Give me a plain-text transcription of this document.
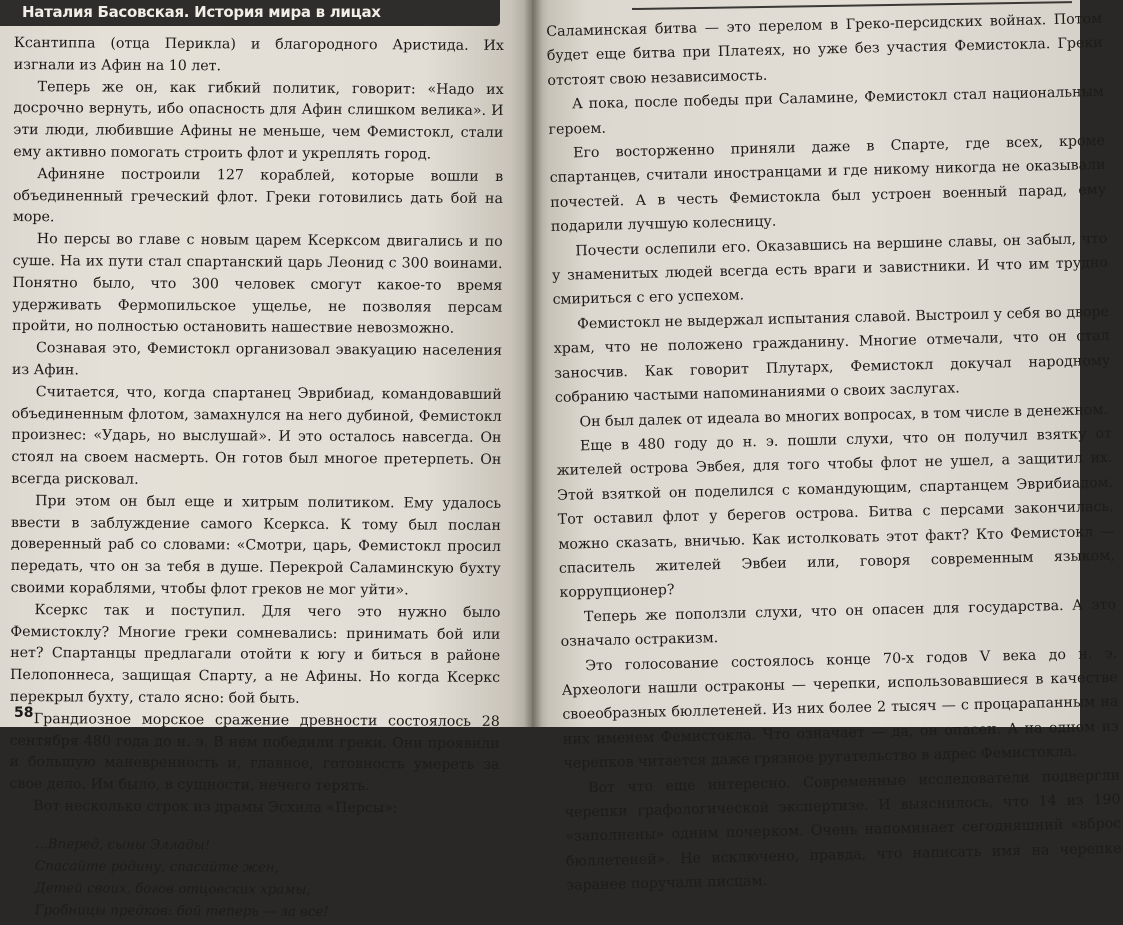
Наталия Басовская. История мира в лицах

Ксантиппа (отца Перикла) и благородного Аристида. Их изгнали из Афин на 10 лет.

Теперь же он, как гибкий политик, говорит: «Надо их досрочно вернуть, ибо опасность для Афин слишком велика». И эти люди, любившие Афины не меньше, чем Фемистокл, стали ему активно помогать строить флот и укреплять город.

Афиняне построили 127 кораблей, которые вошли в объединенный греческий флот. Греки готовились дать бой на море.

Но персы во главе с новым царем Ксерксом двигались и по суше. На их пути стал спартанский царь Леонид с 300 воинами. Понятно было, что 300 человек смогут какое-то время удерживать Фермопильское ущелье, не позволяя персам пройти, но полностью остановить нашествие невозможно.

Сознавая это, Фемистокл организовал эвакуацию населения из Афин.

Считается, что, когда спартанец Эврибиад, командовавший объединенным флотом, замахнулся на него дубиной, Фемистокл произнес: «Ударь, но выслушай». И это осталось навсегда. Он стоял на своем насмерть. Он готов был многое претерпеть. Он всегда рисковал.

При этом он был еще и хитрым политиком. Ему удалось ввести в заблуждение самого Ксеркса. К тому был послан доверенный раб со словами: «Смотри, царь, Фемистокл просил передать, что он за тебя в душе. Перекрой Саламинскую бухту своими кораблями, чтобы флот греков не мог уйти».

Ксеркс так и поступил. Для чего это нужно было Фемистоклу? Многие греки сомневались: принимать бой или нет? Спартанцы предлагали отойти к югу и биться в районе Пелопоннеса, защищая Спарту, а не Афины. Но когда Ксеркс перекрыл бухту, стало ясно: бой быть.

Грандиозное морское сражение древности состоялось 28 сентября 480 года до н. э. В нем победили греки. Они проявили и большую маневренность и, главное, готовность умереть за свое дело. Им было, в сущности, нечего терять.

Вот несколько строк из драмы Эсхила «Персы»:

...Вперед, сыны Эллады!
Спасайте родину, спасайте жен,
Детей своих, богов отцовских храмы,
Гробницы предков: бой теперь — за все!
58

Саламинская битва — это перелом в Греко-персидских войнах. Потом будет еще битва при Платеях, но уже без участия Фемистокла. Греки отстоят свою независимость.

А пока, после победы при Саламине, Фемистокл стал национальным героем.

Его восторженно приняли даже в Спарте, где всех, кроме спартанцев, считали иностранцами и где никому никогда не оказывали почестей. А в честь Фемистокла был устроен военный парад, ему подарили лучшую колесницу.

Почести ослепили его. Оказавшись на вершине славы, он забыл, что у знаменитых людей всегда есть враги и завистники. И что им трудно смириться с его успехом.

Фемистокл не выдержал испытания славой. Выстроил у себя во дворе храм, что не положено гражданину. Многие отмечали, что он стал заносчив. Как говорит Плутарх, Фемистокл докучал народному собранию частыми напоминаниями о своих заслугах.

Он был далек от идеала во многих вопросах, в том числе в денежном.

Еще в 480 году до н. э. пошли слухи, что он получил взятку от жителей острова Эвбея, для того чтобы флот не ушел, а защитил их. Этой взяткой он поделился с командующим, спартанцем Эврибиадом. Тот оставил флот у берегов острова. Битва с персами закончилась, можно сказать, вничью. Как истолковать этот факт? Кто Фемистокл — спаситель жителей Эвбеи или, говоря современным языком, коррупционер?

Теперь же поползли слухи, что он опасен для государства. А это означало остракизм.

Это голосование состоялось конце 70-х годов V века до н. э. Археологи нашли остраконы — черепки, использовавшиеся в качестве своеобразных бюллетеней. Из них более 2 тысяч — с процарапанным на них именем Фемистокла. Что означает — да, он опасен. А на одном из черепков читается даже грязное ругательство в адрес Фемистокла.

Вот что еще интересно. Современные исследователи подвергли черепки графологической экспертизе. И выяснилось, что 14 из 190 «заполнены» одним почерком. Очень напоминает сегодняшний «вброс бюллетеней». Не исключено, правда, что написать имя на черепке заранее поручали писцам.
